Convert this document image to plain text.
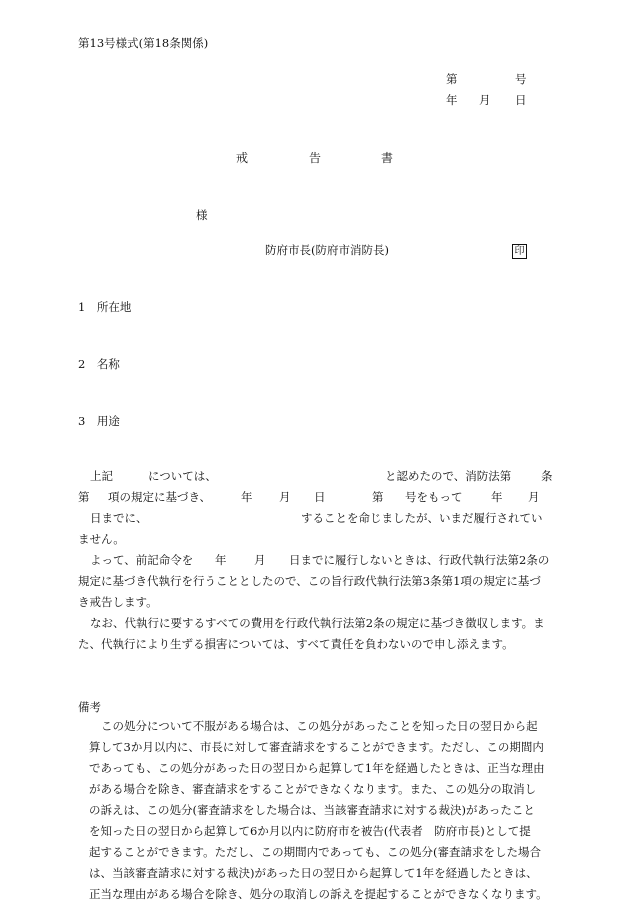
第13号様式(第18条関係)
第	号
年 月 日
戒	告	書
様
防府市長(防府市消防長)	印
1　所在地
2　名称
3　用途
上記	については、	と認めたので、消防法第	条
第 項の規定に基づき、	年 月 日	第 号をもって 年 月
日までに、	することを命じましたが、いまだ履行されてい
ません。
よって、前記命令を 年 月 日までに履行しないときは、行政代執行法第2条の
規定に基づき代執行を行うこととしたので、この旨行政代執行法第3条第1項の規定に基づ
き戒告します。
なお、代執行に要するすべての費用を行政代執行法第2条の規定に基づき徴収します。ま
た、代執行により生ずる損害については、すべて責任を負わないので申し添えます。
備考
この処分について不服がある場合は、この処分があったことを知った日の翌日から起
算して3か月以内に、市長に対して審査請求をすることができます。ただし、この期間内
であっても、この処分があった日の翌日から起算して1年を経過したときは、正当な理由
がある場合を除き、審査請求をすることができなくなります。また、この処分の取消し
の訴えは、この処分(審査請求をした場合は、当該審査請求に対する裁決)があったこと
を知った日の翌日から起算して6か月以内に防府市を被告(代表者　防府市長)として提
起することができます。ただし、この期間内であっても、この処分(審査請求をした場合
は、当該審査請求に対する裁決)があった日の翌日から起算して1年を経過したときは、
正当な理由がある場合を除き、処分の取消しの訴えを提起することができなくなります。
